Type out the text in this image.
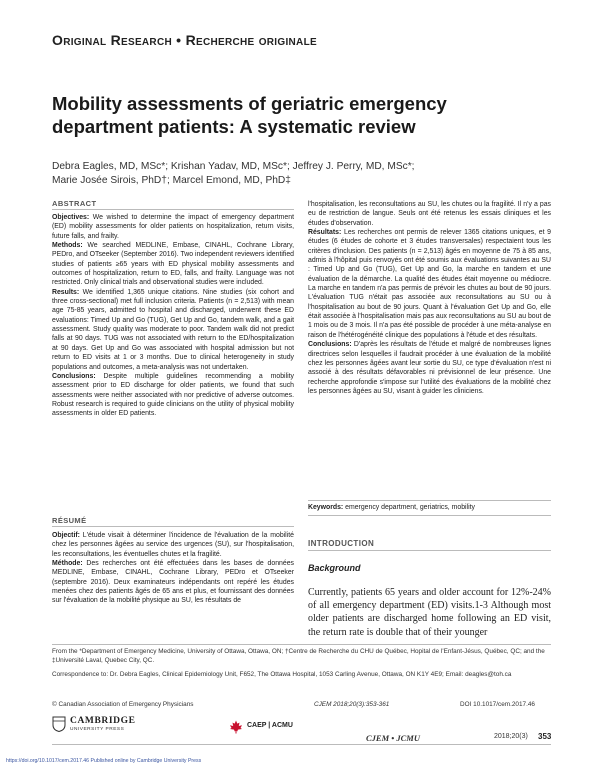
Original Research • Recherche originale
Mobility assessments of geriatric emergency department patients: A systematic review
Debra Eagles, MD, MSc*; Krishan Yadav, MD, MSc*; Jeffrey J. Perry, MD, MSc*;
Marie Josée Sirois, PhD†; Marcel Emond, MD, PhD‡
ABSTRACT

Objectives: We wished to determine the impact of emergency department (ED) mobility assessments for older patients on hospitalization, return visits, future falls, and frailty.

Methods: We searched MEDLINE, Embase, CINAHL, Cochrane Library, PEDro, and OTseeker (September 2016). Two independent reviewers identified studies of patients ≥65 years with ED physical mobility assessments and outcomes of hospitalization, return to ED, falls, and frailty. Language was not restricted. Only clinical trials and observational studies were included.

Results: We identified 1,365 unique citations. Nine studies (six cohort and three cross-sectional) met full inclusion criteria. Patients (n = 2,513) with mean age 75-85 years, admitted to hospital and discharged, underwent these ED evaluations: Timed Up and Go (TUG), Get Up and Go, tandem walk, and a gait assessment. Study quality was moderate to poor. Tandem walk did not predict falls at 90 days. TUG was not associated with return to the ED/hospitalization at 90 days. Get Up and Go was associated with hospital admission but not return to ED visits at 1 or 3 months. Due to clinical heterogeneity in study populations and outcomes, a meta-analysis was not undertaken.

Conclusions: Despite multiple guidelines recommending a mobility assessment prior to ED discharge for older patients, we found that such assessments were neither associated with nor predictive of adverse outcomes. Robust research is required to guide clinicians on the utility of physical mobility assessments in older ED patients.

RÉSUMÉ

Objectif: L'étude visait à déterminer l'incidence de l'évaluation de la mobilité chez les personnes âgées au service des urgences (SU), sur l'hospitalisation, les reconsultations, les éventuelles chutes et la fragilité.

Méthode: Des recherches ont été effectuées dans les bases de données MEDLINE, Embase, CINAHL, Cochrane Library, PEDro et OTseeker (septembre 2016). Deux examinateurs indépendants ont repéré les études menées chez des patients âgés de 65 ans et plus, et fournissant des données sur l'évaluation de la mobilité physique au SU, les résultats de

l'hospitalisation, les reconsultations au SU, les chutes ou la fragilité. Il n'y a pas eu de restriction de langue. Seuls ont été retenus les essais cliniques et les études d'observation.

Résultats: Les recherches ont permis de relever 1365 citations uniques, et 9 études (6 études de cohorte et 3 études transversales) respectaient tous les critères d'inclusion. Des patients (n = 2,513) âgés en moyenne de 75 à 85 ans, admis à l'hôpital puis renvoyés ont été soumis aux évaluations suivantes au SU : Timed Up and Go (TUG), Get Up and Go, la marche en tandem et une évaluation de la démarche. La qualité des études était moyenne ou médiocre. La marche en tandem n'a pas permis de prévoir les chutes au bout de 90 jours. L'évaluation TUG n'était pas associée aux reconsultations au SU ou à l'hospitalisation au bout de 90 jours. Quant à l'évaluation Get Up and Go, elle était associée à l'hospitalisation mais pas aux reconsultations au SU au bout de 1 mois ou de 3 mois. Il n'a pas été possible de procéder à une méta-analyse en raison de l'hétérogénéité clinique des populations à l'étude et des résultats.

Conclusions: D'après les résultats de l'étude et malgré de nombreuses lignes directrices selon lesquelles il faudrait procéder à une évaluation de la mobilité chez les personnes âgées avant leur sortie du SU, ce type d'évaluation n'est ni associé à des résultats défavorables ni prévisionnel de leur présence. Une recherche approfondie s'impose sur l'utilité des évaluations de la mobilité chez les personnes âgées au SU, visant à guider les cliniciens.

Keywords: emergency department, geriatrics, mobility
INTRODUCTION
Background
Currently, patients 65 years and older account for 12%-24% of all emergency department (ED) visits.1-3 Although most older patients are discharged home following an ED visit, the return rate is double that of their younger
From the *Department of Emergency Medicine, University of Ottawa, Ottawa, ON; †Centre de Recherche du CHU de Québec, Hopital de l'Enfant-Jésus, Québec, QC; and the ‡Université Laval, Quebec City, QC.
Correspondence to: Dr. Debra Eagles, Clinical Epidemiology Unit, F652, The Ottawa Hospital, 1053 Carling Avenue, Ottawa, ON K1Y 4E9; Email: deagles@toh.ca
© Canadian Association of Emergency Physicians	CJEM 2018;20(3):353-361	DOI 10.1017/cem.2017.46
CAMBRIDGE
UNIVERSITY PRESS
CAEP | ACMU
CJEM • JCMU	2018;20(3) 353
https://doi.org/10.1017/cem.2017.46 Published online by Cambridge University Press
